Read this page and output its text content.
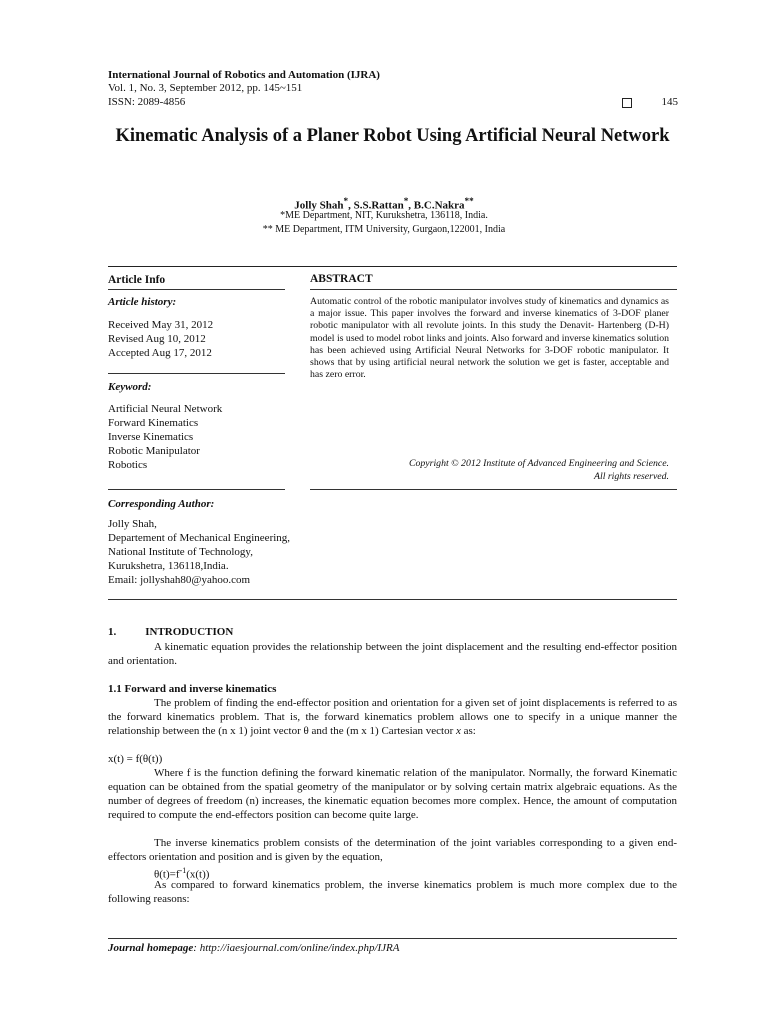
International Journal of Robotics and Automation (IJRA)
Vol. 1, No. 3, September 2012, pp. 145~151
ISSN: 2089-4856	145
Kinematic Analysis of a Planer Robot Using Artificial Neural Network
Jolly Shah*, S.S.Rattan*, B.C.Nakra**
*ME Department, NIT, Kurukshetra, 136118, India.
** ME Department, ITM University, Gurgaon,122001, India
Article Info
Article history:
Received May 31, 2012
Revised Aug 10, 2012
Accepted Aug 17, 2012
Keyword:
Artificial Neural Network
Forward Kinematics
Inverse Kinematics
Robotic Manipulator
Robotics
ABSTRACT
Automatic control of the robotic manipulator involves study of kinematics and dynamics as a major issue. This paper involves the forward and inverse kinematics of 3-DOF planer robotic manipulator with all revolute joints. In this study the Denavit- Hartenberg (D-H) model is used to model robot links and joints. Also forward and inverse kinematics solution has been achieved using Artificial Neural Networks for 3-DOF robotic manipulator. It shows that by using artificial neural network the solution we get is faster, acceptable and has zero error.
Copyright © 2012 Institute of Advanced Engineering and Science.
All rights reserved.
Corresponding Author:
Jolly Shah,
Departement of Mechanical Engineering,
National Institute of Technology,
Kurukshetra, 136118,India.
Email: jollyshah80@yahoo.com
1.	INTRODUCTION
A kinematic equation provides the relationship between the joint displacement and the resulting end-effector position and orientation.
1.1 Forward and inverse kinematics
The problem of finding the end-effector position and orientation for a given set of joint displacements is referred to as the forward kinematics problem. That is, the forward kinematics problem allows one to specify in a unique manner the relationship between the (n x 1) joint vector θ and the (m x 1) Cartesian vector x as:
x(t) = f(θ(t))
Where f is the function defining the forward kinematic relation of the manipulator. Normally, the forward Kinematic equation can be obtained from the spatial geometry of the manipulator or by solving certain matrix algebraic equations. As the number of degrees of freedom (n) increases, the kinematic equation becomes more complex. Hence, the amount of computation required to compute the end-effectors position can become quite large.
The inverse kinematics problem consists of the determination of the joint variables corresponding to a given end-effectors orientation and position and is given by the equation,
$\theta(t)=f^{-1}(x(t))$
As compared to forward kinematics problem, the inverse kinematics problem is much more complex due to the following reasons:
Journal homepage: http://iaesjournal.com/online/index.php/IJRA
